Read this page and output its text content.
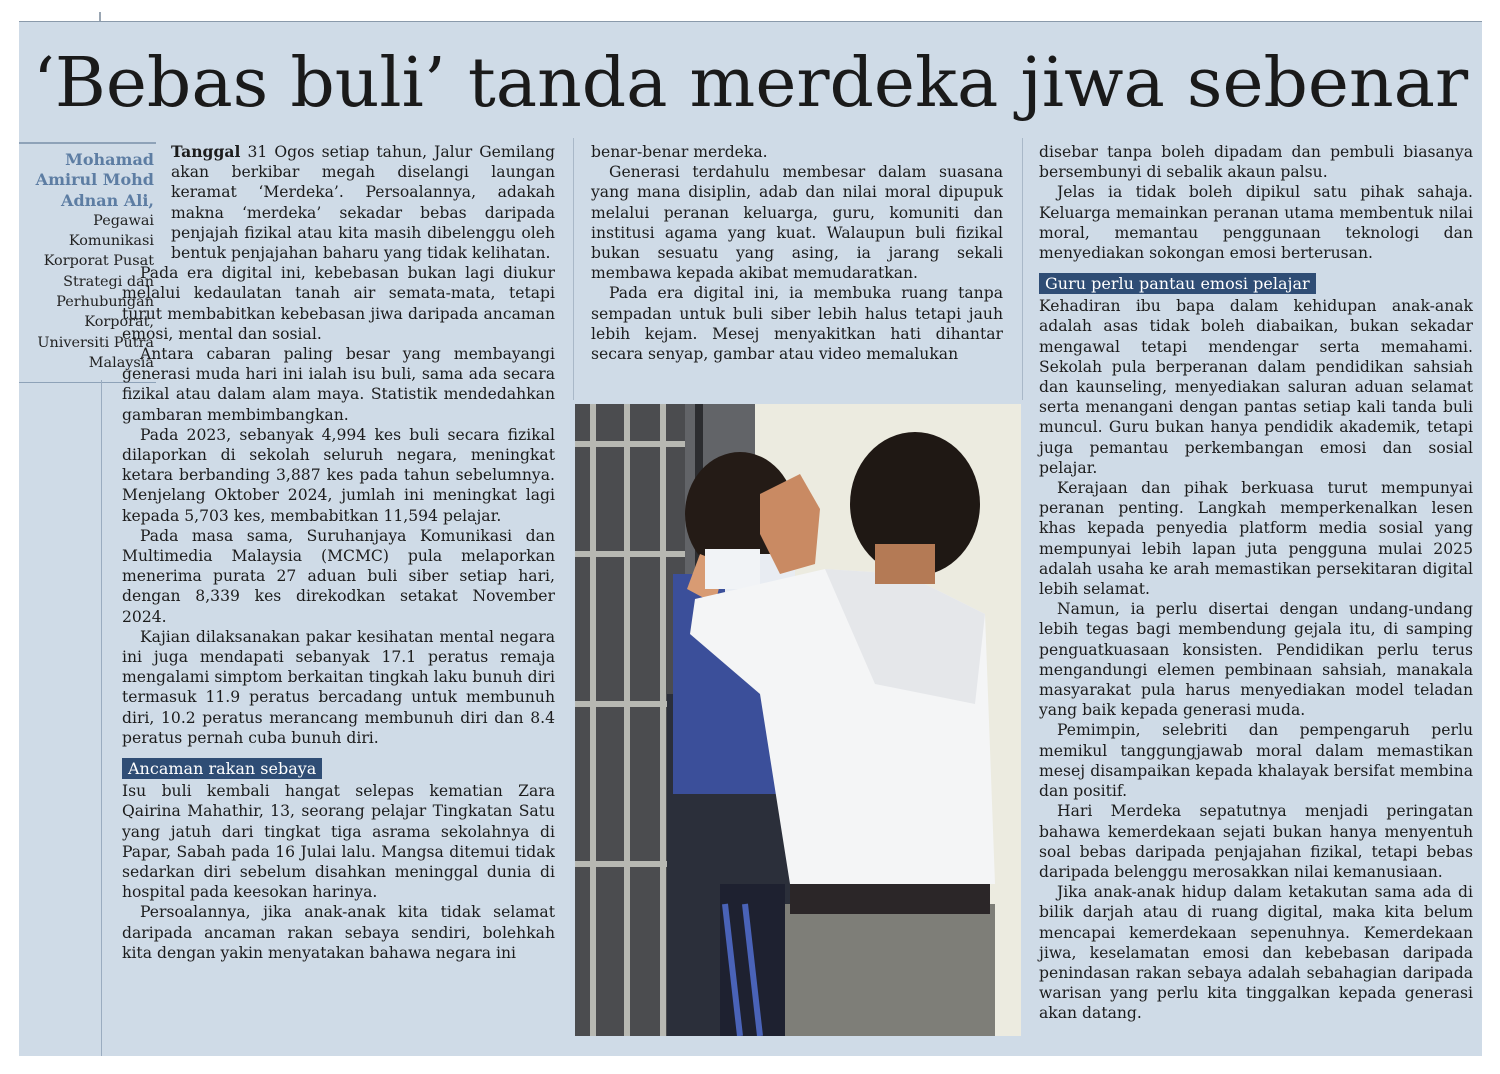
‘Bebas buli’ tanda merdeka jiwa sebenar
Mohamad
Amirul Mohd
Adnan Ali,
Pegawai
Komunikasi
Korporat Pusat
Strategi dan
Perhubungan
Korporat,
Universiti Putra
Malaysia

Tanggal 31 Ogos setiap tahun, Jalur Gemilang akan berkibar megah diselangi laungan keramat ‘Merdeka’. Persoalannya, adakah makna ‘merdeka’ sekadar bebas daripada penjajah fizikal atau kita masih dibelenggu oleh bentuk penjajahan baharu yang tidak kelihatan.

Pada era digital ini, kebebasan bukan lagi diukur melalui kedaulatan tanah air semata-mata, tetapi turut membabitkan kebebasan jiwa daripada ancaman emosi, mental dan sosial.

Antara cabaran paling besar yang membayangi generasi muda hari ini ialah isu buli, sama ada secara fizikal atau dalam alam maya. Statistik mendedahkan gambaran membimbangkan.

Pada 2023, sebanyak 4,994 kes buli secara fizikal dilaporkan di sekolah seluruh negara, meningkat ketara berbanding 3,887 kes pada tahun sebelumnya. Menjelang Oktober 2024, jumlah ini meningkat lagi kepada 5,703 kes, membabitkan 11,594 pelajar.

Pada masa sama, Suruhanjaya Komunikasi dan Multimedia Malaysia (MCMC) pula melaporkan menerima purata 27 aduan buli siber setiap hari, dengan 8,339 kes direkodkan setakat November 2024.

Kajian dilaksanakan pakar kesihatan mental negara ini juga mendapati sebanyak 17.1 peratus remaja mengalami simptom berkaitan tingkah laku bunuh diri termasuk 11.9 peratus bercadang untuk membunuh diri, 10.2 peratus merancang membunuh diri dan 8.4 peratus pernah cuba bunuh diri.

Ancaman rakan sebaya

Isu buli kembali hangat selepas kematian Zara Qairina Mahathir, 13, seorang pelajar Tingkatan Satu yang jatuh dari tingkat tiga asrama sekolahnya di Papar, Sabah pada 16 Julai lalu. Mangsa ditemui tidak sedarkan diri sebelum disahkan meninggal dunia di hospital pada keesokan harinya.

Persoalannya, jika anak-anak kita tidak selamat daripada ancaman rakan sebaya sendiri, bolehkah kita dengan yakin menyatakan bahawa negara ini

benar-benar merdeka.

Generasi terdahulu membesar dalam suasana yang mana disiplin, adab dan nilai moral dipupuk melalui peranan keluarga, guru, komuniti dan institusi agama yang kuat. Walaupun buli fizikal bukan sesuatu yang asing, ia jarang sekali membawa kepada akibat memudaratkan.

Pada era digital ini, ia membuka ruang tanpa sempadan untuk buli siber lebih halus tetapi jauh lebih kejam. Mesej menyakitkan hati dihantar secara senyap, gambar atau video memalukan

disebar tanpa boleh dipadam dan pembuli biasanya bersembunyi di sebalik akaun palsu.

Jelas ia tidak boleh dipikul satu pihak sahaja. Keluarga memainkan peranan utama membentuk nilai moral, memantau penggunaan teknologi dan menyediakan sokongan emosi berterusan.

Guru perlu pantau emosi pelajar

Kehadiran ibu bapa dalam kehidupan anak-anak adalah asas tidak boleh diabaikan, bukan sekadar mengawal tetapi mendengar serta memahami. Sekolah pula berperanan dalam pendidikan sahsiah dan kaunseling, menyediakan saluran aduan selamat serta menangani dengan pantas setiap kali tanda buli muncul. Guru bukan hanya pendidik akademik, tetapi juga pemantau perkembangan emosi dan sosial pelajar.

Kerajaan dan pihak berkuasa turut mempunyai peranan penting. Langkah memperkenalkan lesen khas kepada penyedia platform media sosial yang mempunyai lebih lapan juta pengguna mulai 2025 adalah usaha ke arah memastikan persekitaran digital lebih selamat.

Namun, ia perlu disertai dengan undang-undang lebih tegas bagi membendung gejala itu, di samping penguatkuasaan konsisten. Pendidikan perlu terus mengandungi elemen pembinaan sahsiah, manakala masyarakat pula harus menyediakan model teladan yang baik kepada generasi muda.

Pemimpin, selebriti dan pempengaruh perlu memikul tanggungjawab moral dalam memastikan mesej disampaikan kepada khalayak bersifat membina dan positif.

Hari Merdeka sepatutnya menjadi peringatan bahawa kemerdekaan sejati bukan hanya menyentuh soal bebas daripada penjajahan fizikal, tetapi bebas daripada belenggu merosakkan nilai kemanusiaan.

Jika anak-anak hidup dalam ketakutan sama ada di bilik darjah atau di ruang digital, maka kita belum mencapai kemerdekaan sepenuhnya. Kemerdekaan jiwa, keselamatan emosi dan kebebasan daripada penindasan rakan sebaya adalah sebahagian daripada warisan yang perlu kita tinggalkan kepada generasi akan datang.
